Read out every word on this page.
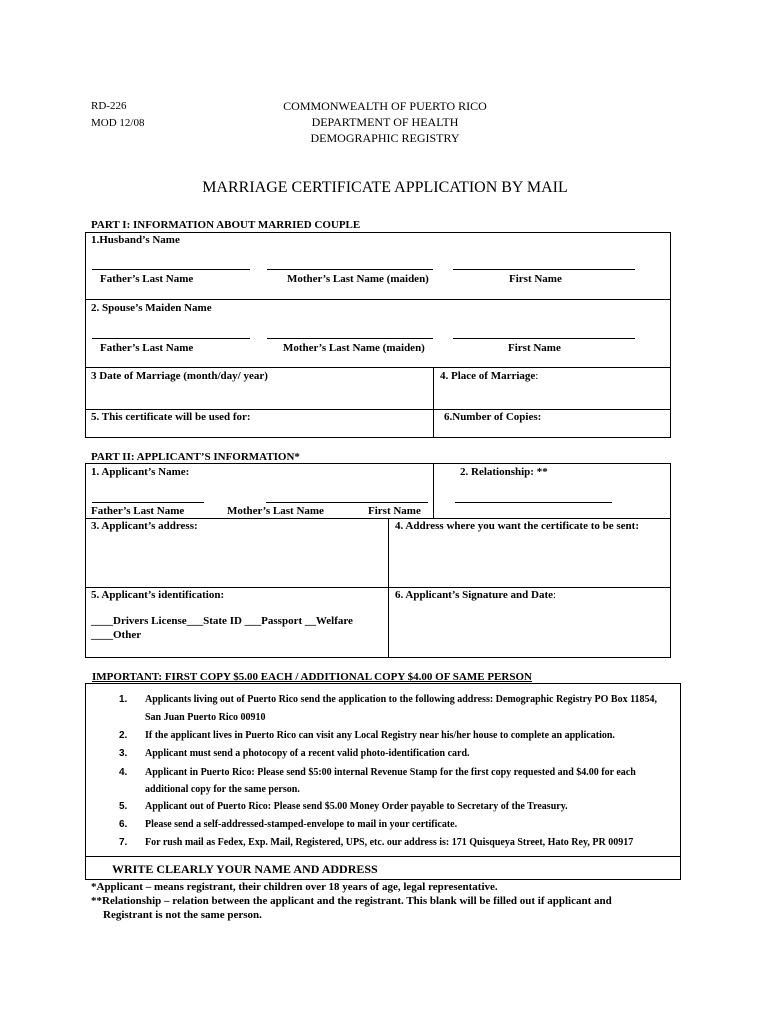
RD-226
MOD 12/08
COMMONWEALTH OF PUERTO RICO
DEPARTMENT OF HEALTH
DEMOGRAPHIC REGISTRY
MARRIAGE CERTIFICATE APPLICATION BY MAIL
PART I: INFORMATION ABOUT MARRIED COUPLE
1.Husband’s Name
Father’s Last Name	Mother’s Last Name (maiden)	First Name
2. Spouse’s Maiden Name
Father’s Last Name	Mother’s Last Name (maiden)	First Name
3 Date of Marriage (month/day/ year)	4. Place of Marriage:
5. This certificate will be used for:	6.Number of Copies:
PART II: APPLICANT’S INFORMATION*
1. Applicant’s Name:	2. Relationship: **
Father’s Last Name	Mother’s Last Name	First Name
3. Applicant’s address:	4. Address where you want the certificate to be sent:
5. Applicant’s identification:	6. Applicant’s Signature and Date:
____Drivers License___State ID ___Passport __Welfare
____Other
IMPORTANT: FIRST COPY $5.00 EACH / ADDITIONAL COPY $4.00 OF SAME PERSON
1. Applicants living out of Puerto Rico send the application to the following address: Demographic Registry PO Box 11854,
San Juan Puerto Rico 00910
2. If the applicant lives in Puerto Rico can visit any Local Registry near his/her house to complete an application.
3. Applicant must send a photocopy of a recent valid photo-identification card.
4. Applicant in Puerto Rico: Please send $5:00 internal Revenue Stamp for the first copy requested and $4.00 for each
additional copy for the same person.
5. Applicant out of Puerto Rico: Please send $5.00 Money Order payable to Secretary of the Treasury.
6. Please send a self-addressed-stamped-envelope to mail in your certificate.
7. For rush mail as Fedex, Exp. Mail, Registered, UPS, etc. our address is: 171 Quisqueya Street, Hato Rey, PR 00917
WRITE CLEARLY YOUR NAME AND ADDRESS
*Applicant – means registrant, their children over 18 years of age, legal representative.
**Relationship – relation between the applicant and the registrant. This blank will be filled out if applicant and
Registrant is not the same person.
